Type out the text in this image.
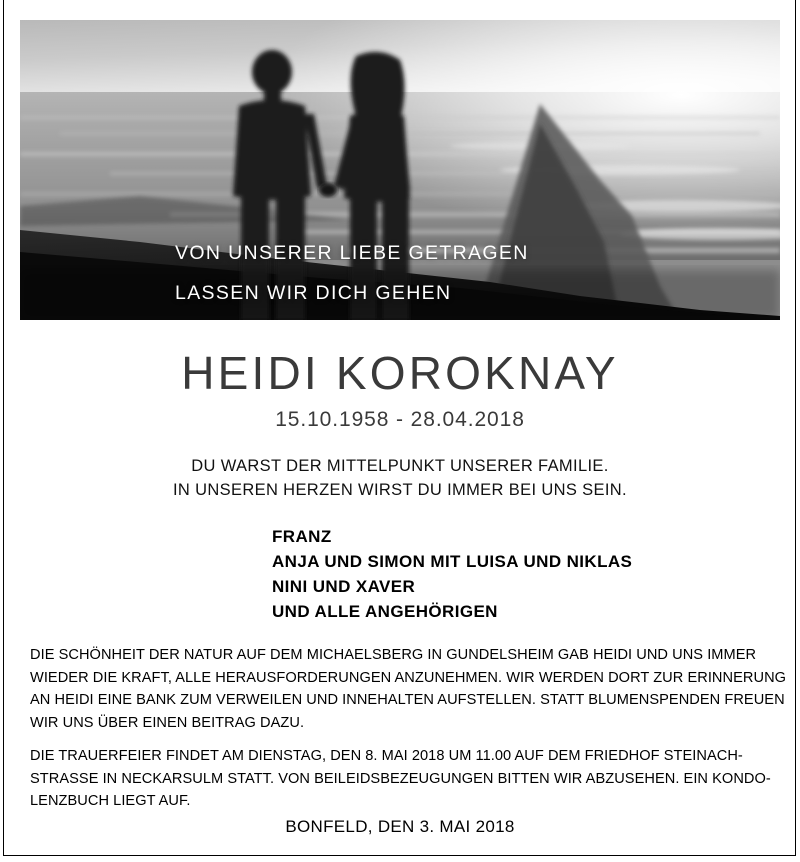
VON UNSERER LIEBE GETRAGEN
LASSEN WIR DICH GEHEN
HEIDI KOROKNAY
15.10.1958 - 28.04.2018
DU WARST DER MITTELPUNKT UNSERER FAMILIE.
IN UNSEREN HERZEN WIRST DU IMMER BEI UNS SEIN.
FRANZ
ANJA UND SIMON MIT LUISA UND NIKLAS
NINI UND XAVER
UND ALLE ANGEHÖRIGEN
DIE SCHÖNHEIT DER NATUR AUF DEM MICHAELSBERG IN GUNDELSHEIM GAB HEIDI UND UNS IMMER
WIEDER DIE KRAFT, ALLE HERAUSFORDERUNGEN ANZUNEHMEN. WIR WERDEN DORT ZUR ERINNERUNG
AN HEIDI EINE BANK ZUM VERWEILEN UND INNEHALTEN AUFSTELLEN. STATT BLUMENSPENDEN FREUEN
WIR UNS ÜBER EINEN BEITRAG DAZU.
DIE TRAUERFEIER FINDET AM DIENSTAG, DEN 8. MAI 2018 UM 11.00 AUF DEM FRIEDHOF STEINACH-
STRASSE IN NECKARSULM STATT. VON BEILEIDSBEZEUGUNGEN BITTEN WIR ABZUSEHEN. EIN KONDO-
LENZBUCH LIEGT AUF.
BONFELD, DEN 3. MAI 2018
